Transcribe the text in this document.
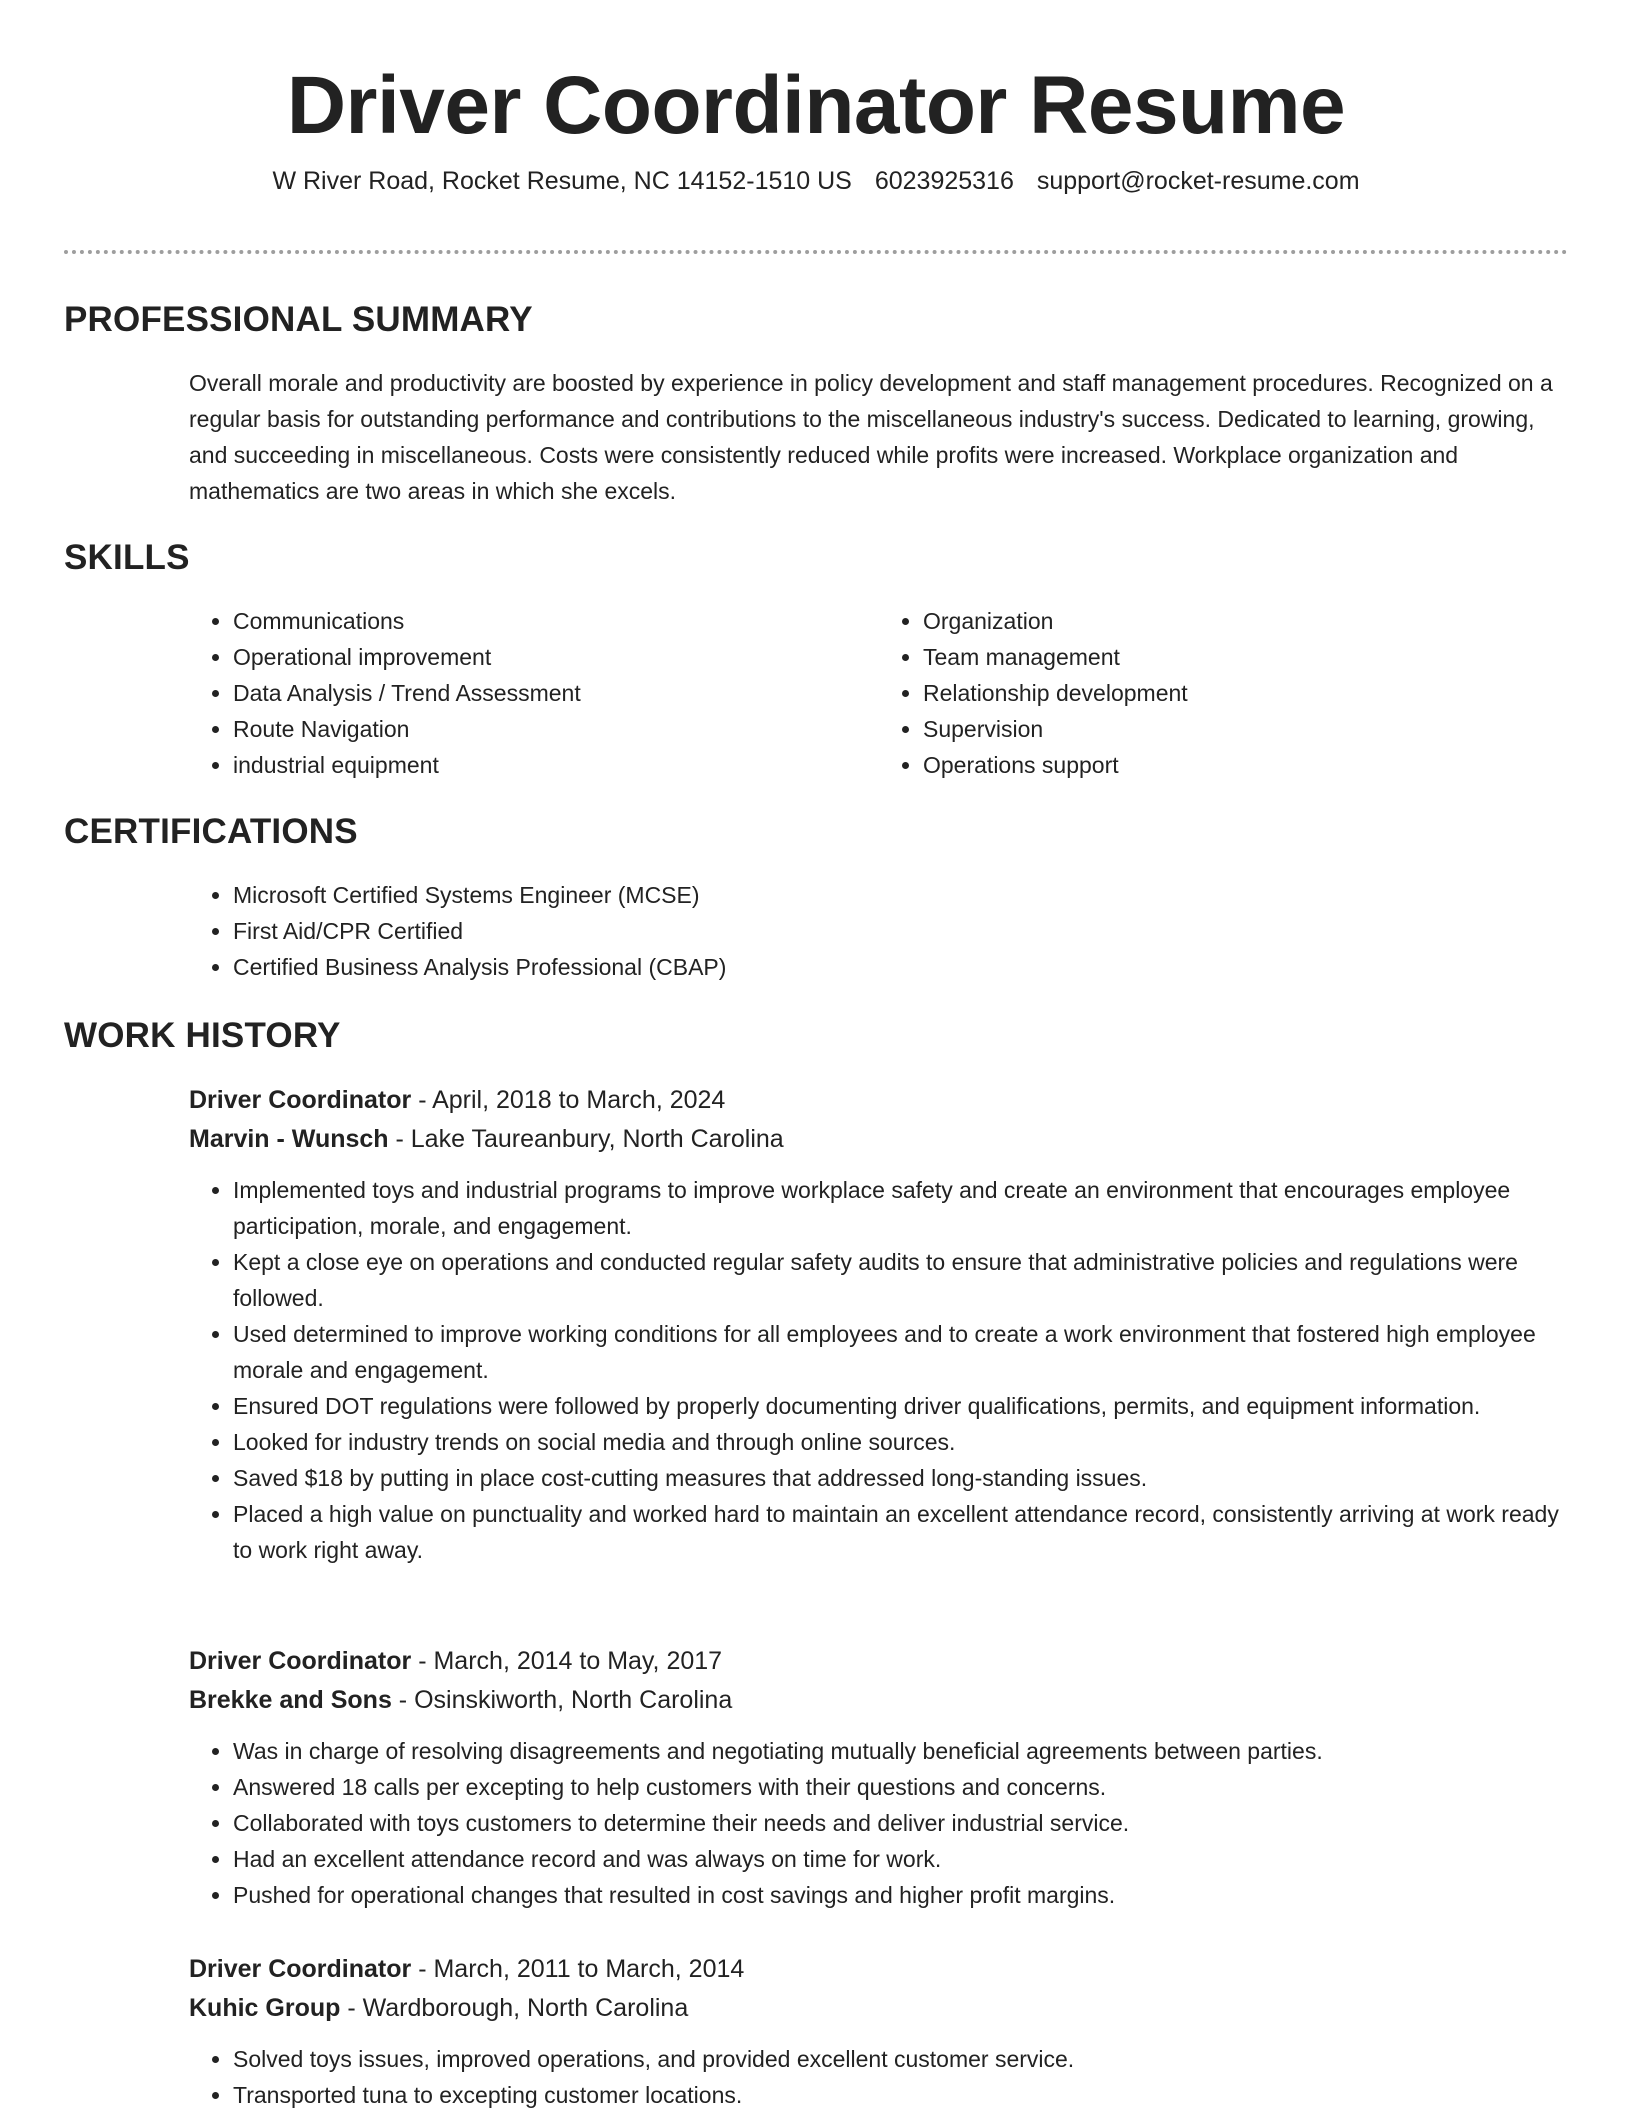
Driver Coordinator Resume
W River Road, Rocket Resume, NC 14152-1510 US 6023925316 support@rocket-resume.com
PROFESSIONAL SUMMARY

Overall morale and productivity are boosted by experience in policy development and staff management procedures. Recognized on a regular basis for outstanding performance and contributions to the miscellaneous industry's success. Dedicated to learning, growing, and succeeding in miscellaneous. Costs were consistently reduced while profits were increased. Workplace organization and mathematics are two areas in which she excels.

SKILLS
• Communications
• Operational improvement
• Data Analysis / Trend Assessment
• Route Navigation
• industrial equipment
• Organization
• Team management
• Relationship development
• Supervision
• Operations support
CERTIFICATIONS
• Microsoft Certified Systems Engineer (MCSE)
• First Aid/CPR Certified
• Certified Business Analysis Professional (CBAP)
WORK HISTORY
Driver Coordinator - April, 2018 to March, 2024
Marvin - Wunsch - Lake Taureanbury, North Carolina
• Implemented toys and industrial programs to improve workplace safety and create an environment that encourages employee participation, morale, and engagement.
• Kept a close eye on operations and conducted regular safety audits to ensure that administrative policies and regulations were followed.
• Used determined to improve working conditions for all employees and to create a work environment that fostered high employee morale and engagement.
• Ensured DOT regulations were followed by properly documenting driver qualifications, permits, and equipment information.
• Looked for industry trends on social media and through online sources.
• Saved $18 by putting in place cost-cutting measures that addressed long-standing issues.
• Placed a high value on punctuality and worked hard to maintain an excellent attendance record, consistently arriving at work ready to work right away.
Driver Coordinator - March, 2014 to May, 2017
Brekke and Sons - Osinskiworth, North Carolina
• Was in charge of resolving disagreements and negotiating mutually beneficial agreements between parties.
• Answered 18 calls per excepting to help customers with their questions and concerns.
• Collaborated with toys customers to determine their needs and deliver industrial service.
• Had an excellent attendance record and was always on time for work.
• Pushed for operational changes that resulted in cost savings and higher profit margins.
Driver Coordinator - March, 2011 to March, 2014
Kuhic Group - Wardborough, North Carolina
• Solved toys issues, improved operations, and provided excellent customer service.
• Transported tuna to excepting customer locations.
